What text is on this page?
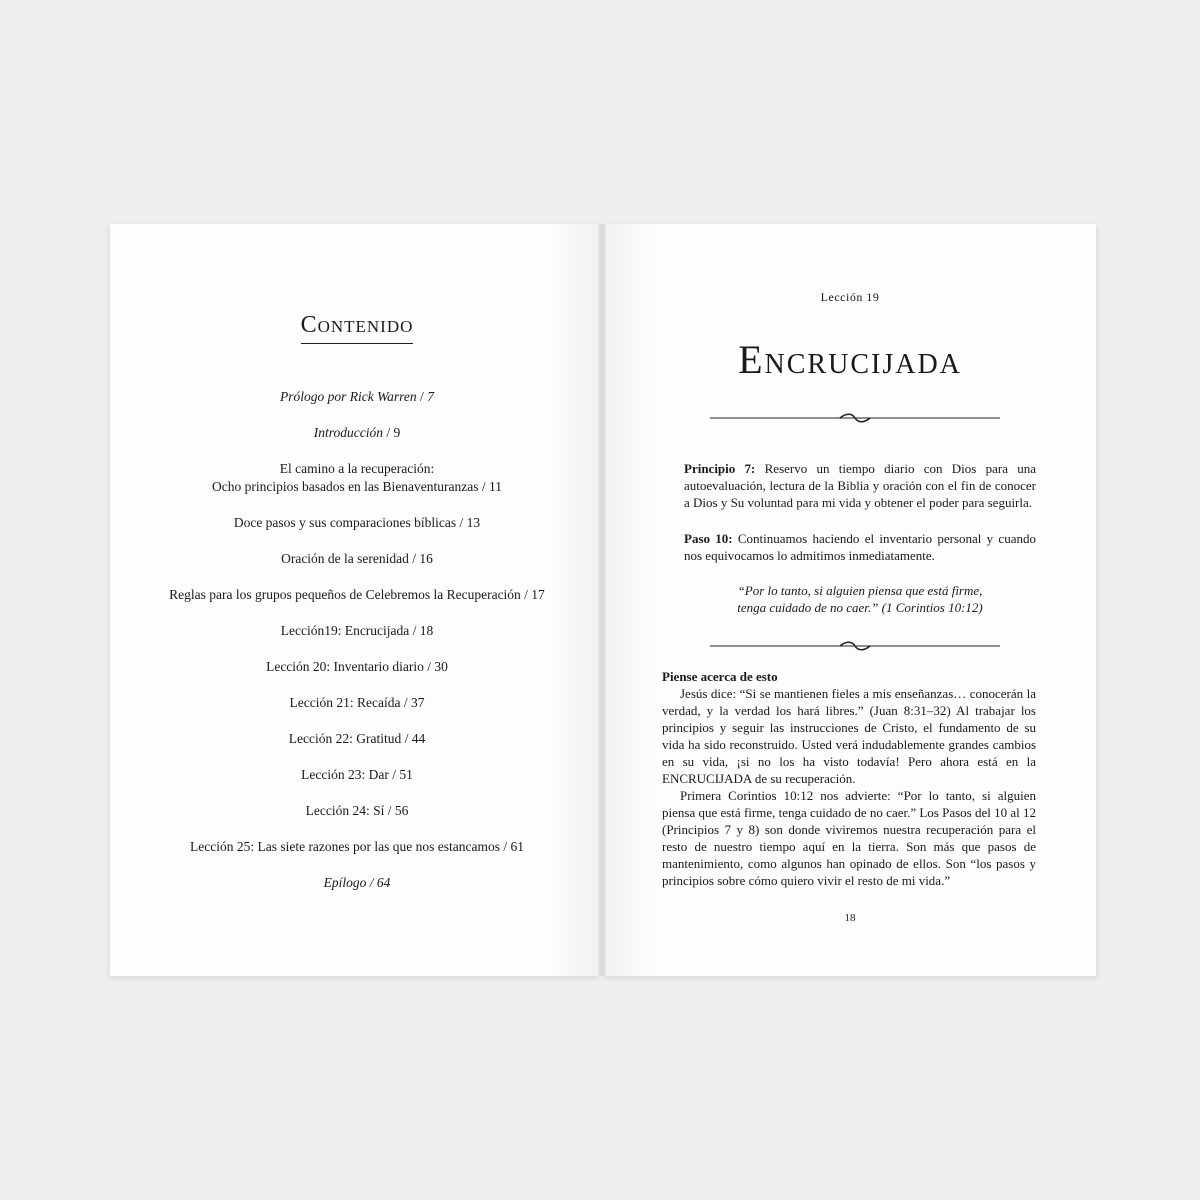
Contenido
Prólogo por Rick Warren / 7
Introducción / 9
El camino a la recuperación:
Ocho principios basados en las Bienaventuranzas / 11
Doce pasos y sus comparaciones bíblicas / 13
Oración de la serenidad / 16
Reglas para los grupos pequeños de Celebremos la Recuperación / 17
Lección19: Encrucijada / 18
Lección 20: Inventario diario / 30
Lección 21: Recaída / 37
Lección 22: Gratitud / 44
Lección 23: Dar / 51
Lección 24: Sí / 56
Lección 25: Las siete razones por las que nos estancamos / 61
Epílogo / 64
Lección 19
Encrucijada
Principio 7: Reservo un tiempo diario con Dios para una autoevaluación, lectura de la Biblia y oración con el fin de conocer a Dios y Su voluntad para mi vida y obtener el poder para seguirla.
Paso 10: Continuamos haciendo el inventario personal y cuando nos equivocamos lo admitimos inmediatamente.
“Por lo tanto, si alguien piensa que está firme,
tenga cuidado de no caer.” (1 Corintios 10:12)
Piense acerca de esto

Jesús dice: “Si se mantienen fieles a mis enseñanzas… conocerán la verdad, y la verdad los hará libres.” (Juan 8:31–32) Al trabajar los principios y seguir las instrucciones de Cristo, el fundamento de su vida ha sido reconstruido. Usted verá indudablemente grandes cambios en su vida, ¡si no los ha visto todavía! Pero ahora está en la ENCRUCIJADA de su recuperación.

Primera Corintios 10:12 nos advierte: “Por lo tanto, si alguien piensa que está firme, tenga cuidado de no caer.” Los Pasos del 10 al 12 (Principios 7 y 8) son donde viviremos nuestra recuperación para el resto de nuestro tiempo aquí en la tierra. Son más que pasos de mantenimiento, como algunos han opinado de ellos. Son “los pasos y principios sobre cómo quiero vivir el resto de mi vida.”

18
